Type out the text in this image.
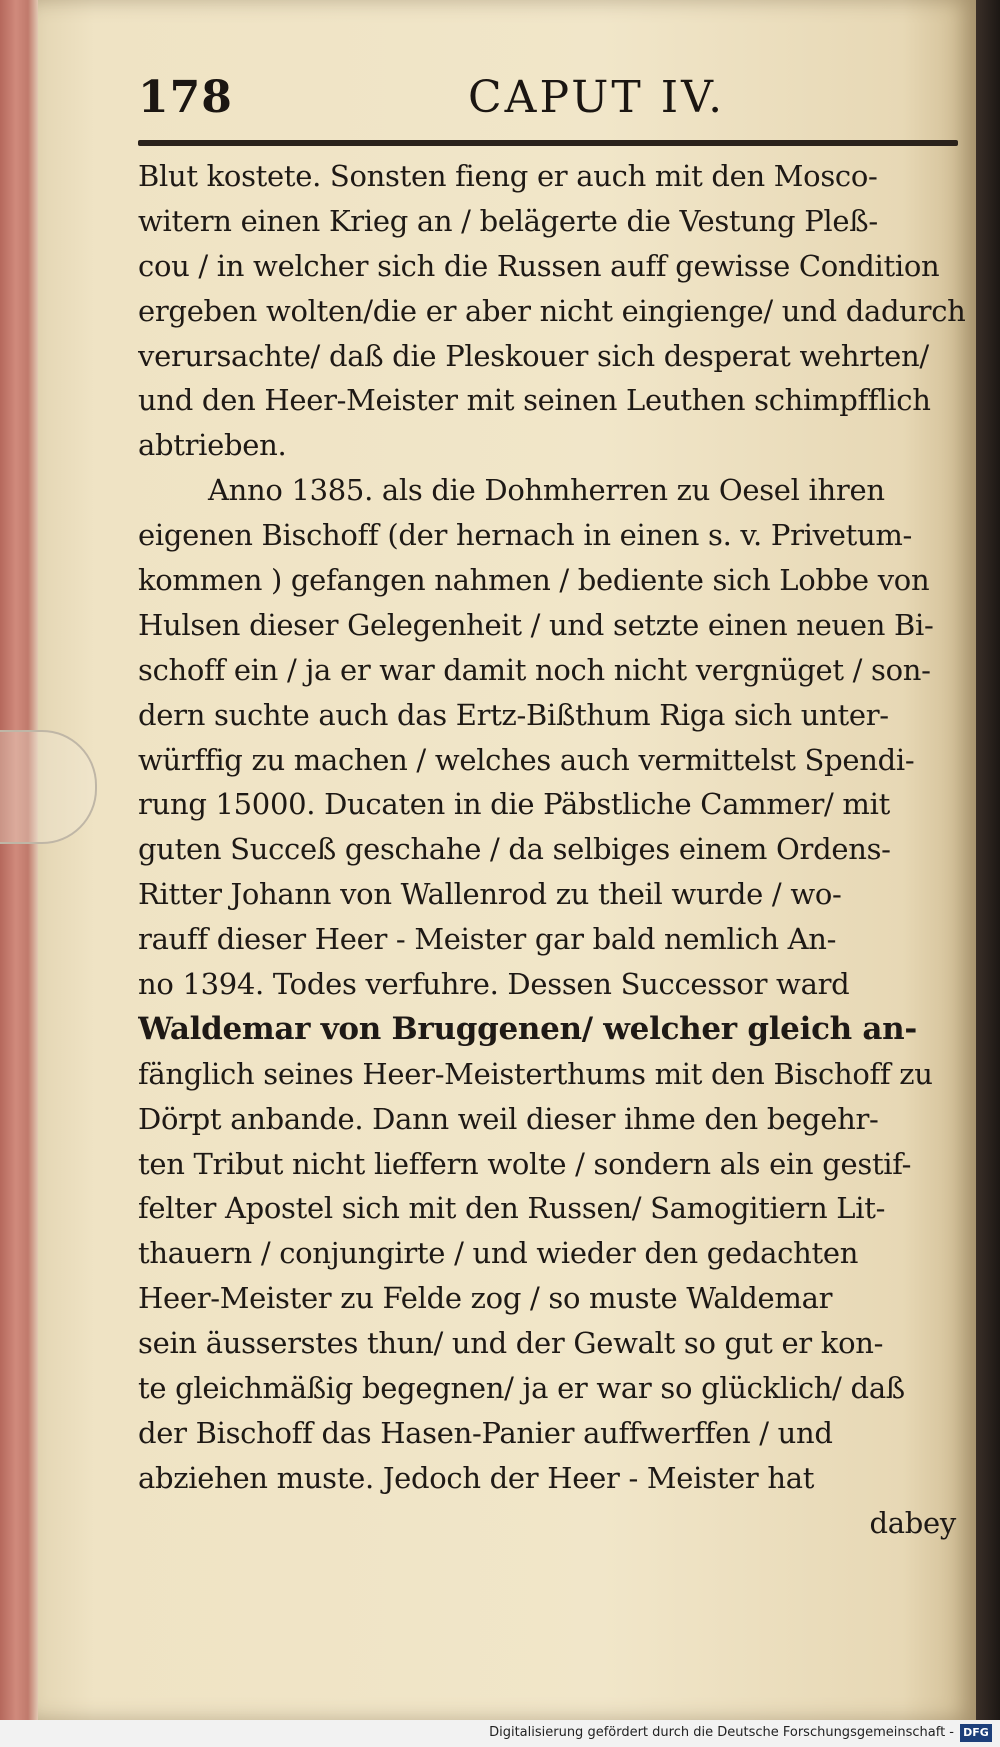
178	CAPUT IV.
Blut kostete. Sonsten fieng er auch mit den Mosco-
witern einen Krieg an / belägerte die Vestung Pleß-
cou / in welcher sich die Russen auff gewisse Condition
ergeben wolten/die er aber nicht eingienge/ und dadurch
verursachte/ daß die Pleskouer sich desperat wehrten/
und den Heer-Meister mit seinen Leuthen schimpfflich
abtrieben.
Anno 1385. als die Dohmherren zu Oesel ihren
eigenen Bischoff (der hernach in einen s. v. Privetum-
kommen ) gefangen nahmen / bediente sich Lobbe von
Hulsen dieser Gelegenheit / und setzte einen neuen Bi-
schoff ein / ja er war damit noch nicht vergnüget / son-
dern suchte auch das Ertz-Bißthum Riga sich unter-
würffig zu machen / welches auch vermittelst Spendi-
rung 15000. Ducaten in die Päbstliche Cammer/ mit
guten Succeß geschahe / da selbiges einem Ordens-
Ritter Johann von Wallenrod zu theil wurde / wo-
rauff dieser Heer - Meister gar bald nemlich An-
no 1394. Todes verfuhre. Dessen Successor ward
Waldemar von Bruggenen/ welcher gleich an-
fänglich seines Heer-Meisterthums mit den Bischoff zu
Dörpt anbande. Dann weil dieser ihme den begehr-
ten Tribut nicht lieffern wolte / sondern als ein gestif-
felter Apostel sich mit den Russen/ Samogitiern Lit-
thauern / conjungirte / und wieder den gedachten
Heer-Meister zu Felde zog / so muste Waldemar
sein äusserstes thun/ und der Gewalt so gut er kon-
te gleichmäßig begegnen/ ja er war so glücklich/ daß
der Bischoff das Hasen-Panier auffwerffen / und
abziehen muste. Jedoch der Heer - Meister hat
dabey
Digitalisierung gefördert durch die Deutsche Forschungsgemeinschaft - DFG
